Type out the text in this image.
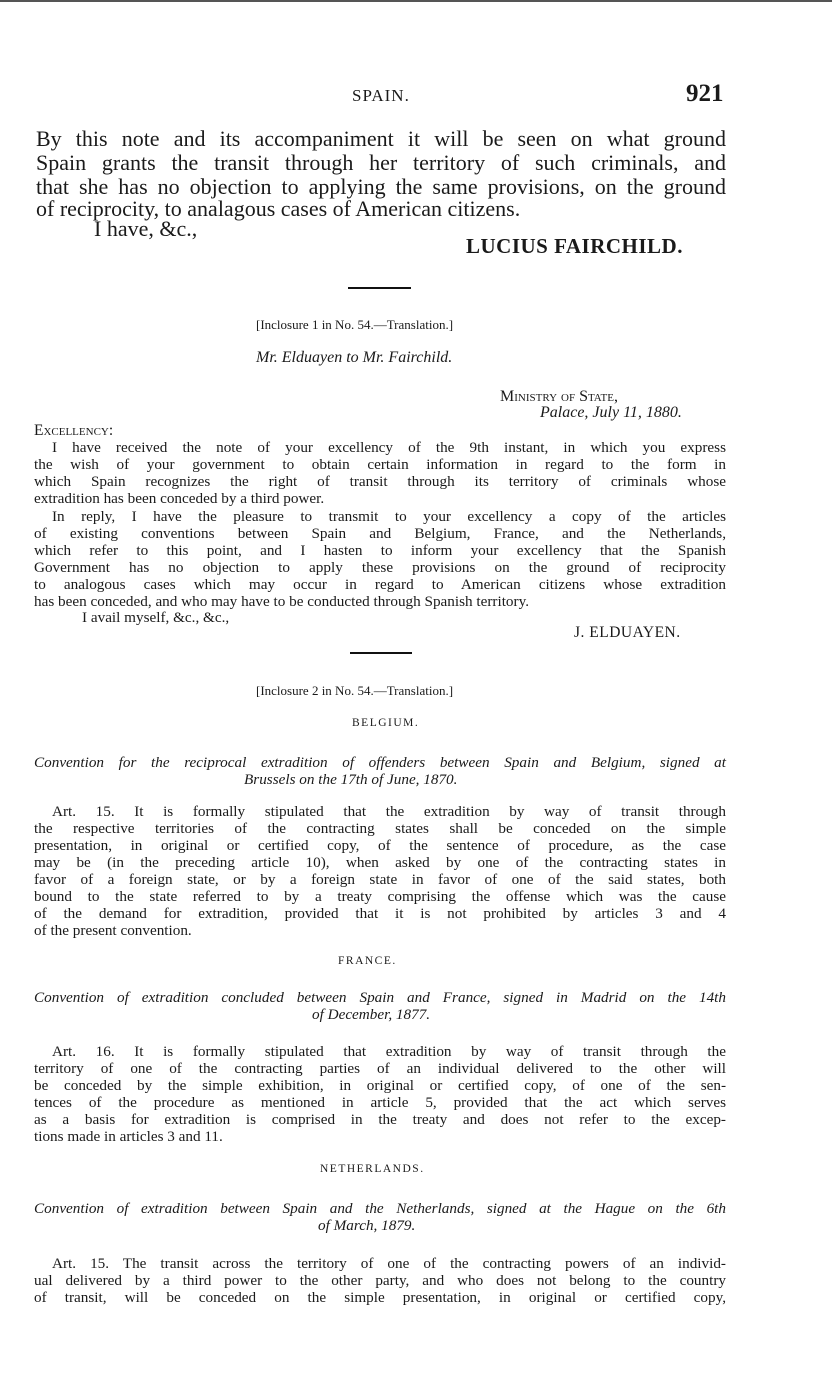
SPAIN.	921
By this note and its accompaniment it will be seen on what ground
Spain grants the transit through her territory of such criminals, and
that she has no objection to applying the same provisions, on the ground
of reciprocity, to analagous cases of American citizens.
I have, &c.,
LUCIUS FAIRCHILD.
[Inclosure 1 in No. 54.—Translation.]
Mr. Elduayen to Mr. Fairchild.
Ministry of State,
Palace, July 11, 1880.
Excellency:
I have received the note of your excellency of the 9th instant, in which you express
the wish of your government to obtain certain information in regard to the form in
which Spain recognizes the right of transit through its territory of criminals whose
extradition has been conceded by a third power.
In reply, I have the pleasure to transmit to your excellency a copy of the articles
of existing conventions between Spain and Belgium, France, and the Netherlands,
which refer to this point, and I hasten to inform your excellency that the Spanish
Government has no objection to apply these provisions on the ground of reciprocity
to analogous cases which may occur in regard to American citizens whose extradition
has been conceded, and who may have to be conducted through Spanish territory.
I avail myself, &c., &c.,
J. ELDUAYEN.
[Inclosure 2 in No. 54.—Translation.]
BELGIUM.
Convention for the reciprocal extradition of offenders between Spain and Belgium, signed at
Brussels on the 17th of June, 1870.
Art. 15. It is formally stipulated that the extradition by way of transit through
the respective territories of the contracting states shall be conceded on the simple
presentation, in original or certified copy, of the sentence of procedure, as the case
may be (in the preceding article 10), when asked by one of the contracting states in
favor of a foreign state, or by a foreign state in favor of one of the said states, both
bound to the state referred to by a treaty comprising the offense which was the cause
of the demand for extradition, provided that it is not prohibited by articles 3 and 4
of the present convention.
FRANCE.
Convention of extradition concluded between Spain and France, signed in Madrid on the 14th
of December, 1877.
Art. 16. It is formally stipulated that extradition by way of transit through the
territory of one of the contracting parties of an individual delivered to the other will
be conceded by the simple exhibition, in original or certified copy, of one of the sen-
tences of the procedure as mentioned in article 5, provided that the act which serves
as a basis for extradition is comprised in the treaty and does not refer to the excep-
tions made in articles 3 and 11.
NETHERLANDS.
Convention of extradition between Spain and the Netherlands, signed at the Hague on the 6th
of March, 1879.
Art. 15. The transit across the territory of one of the contracting powers of an individ-
ual delivered by a third power to the other party, and who does not belong to the country
of transit, will be conceded on the simple presentation, in original or certified copy,
